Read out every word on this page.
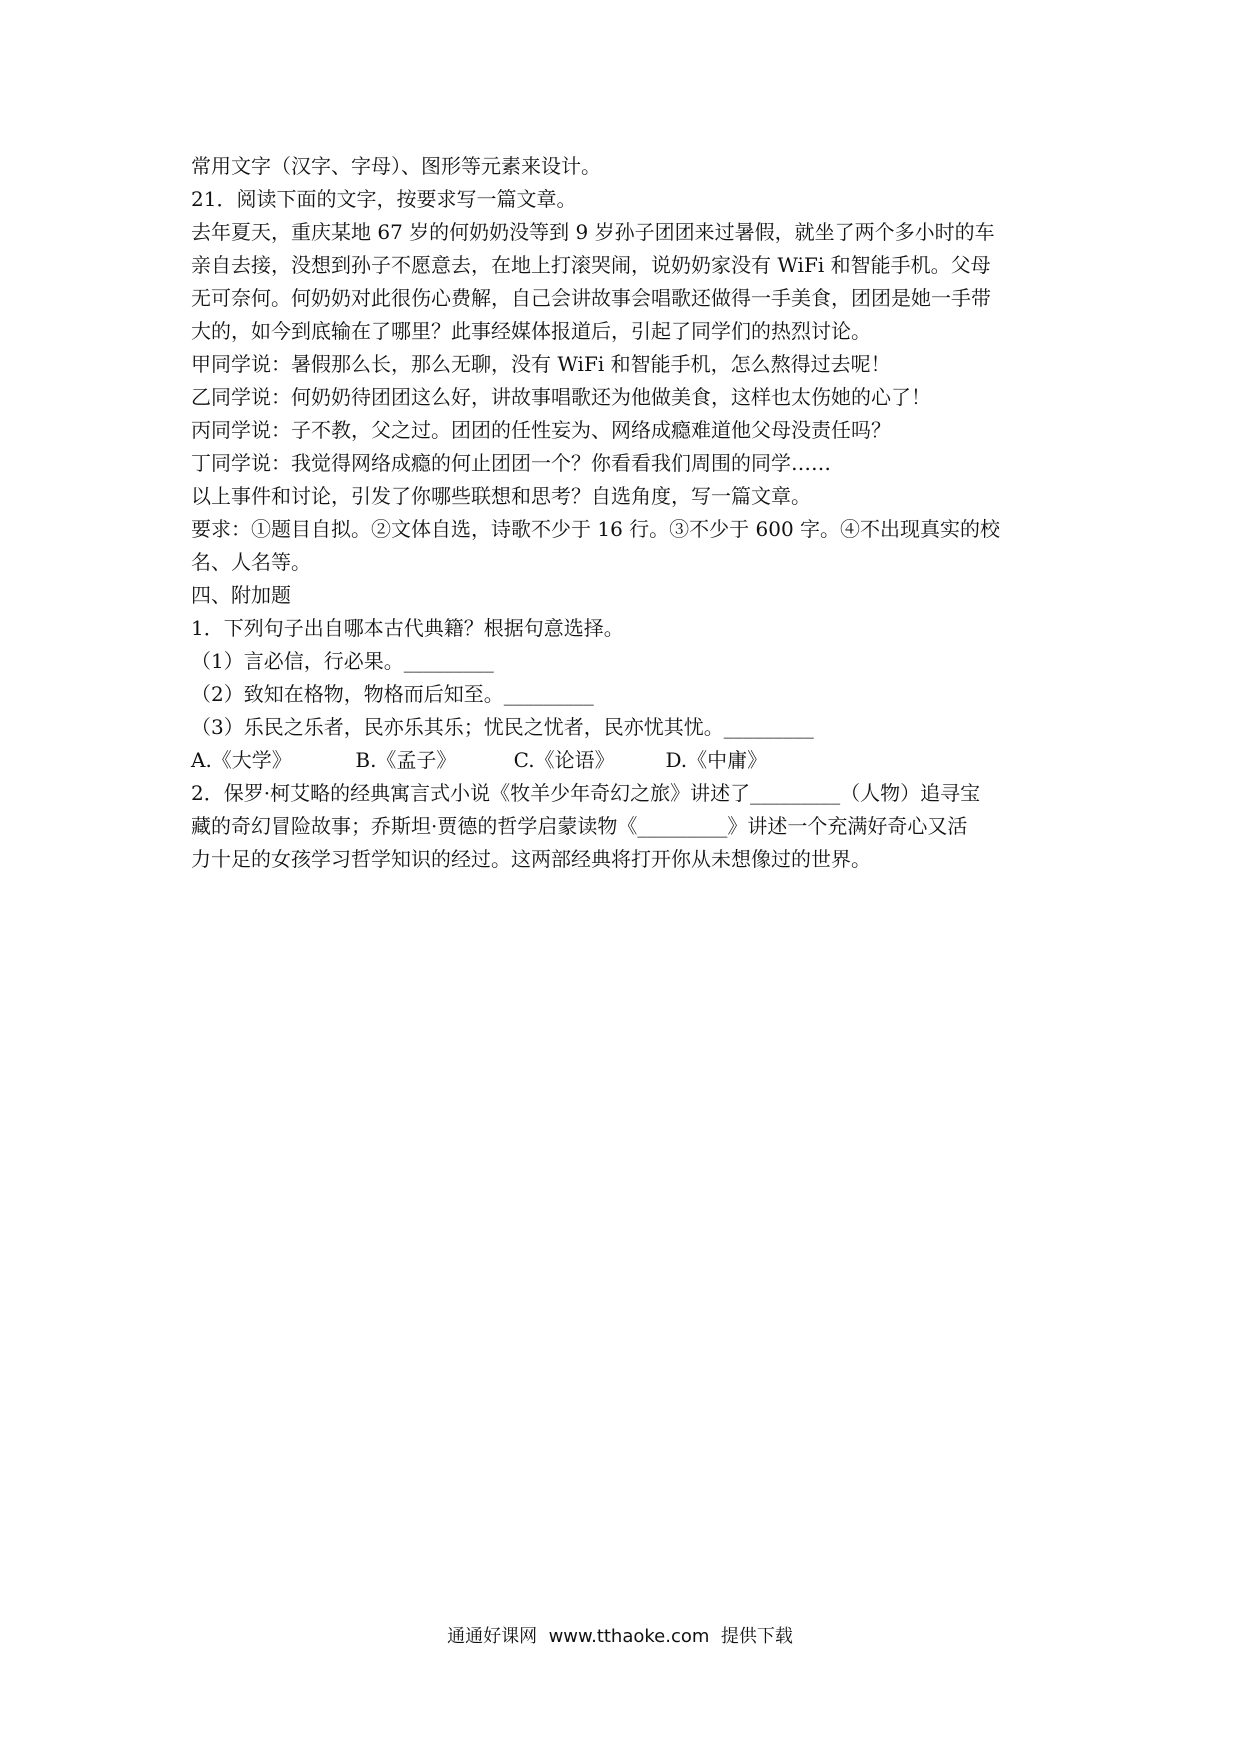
常用文字（汉字、字母）、图形等元素来设计。
21．阅读下面的文字，按要求写一篇文章。
去年夏天，重庆某地 67 岁的何奶奶没等到 9 岁孙子团团来过暑假，就坐了两个多小时的车
亲自去接，没想到孙子不愿意去，在地上打滚哭闹，说奶奶家没有 WiFi 和智能手机。父母
无可奈何。何奶奶对此很伤心费解，自己会讲故事会唱歌还做得一手美食，团团是她一手带
大的，如今到底输在了哪里？此事经媒体报道后，引起了同学们的热烈讨论。
甲同学说：暑假那么长，那么无聊，没有 WiFi 和智能手机，怎么熬得过去呢！
乙同学说：何奶奶待团团这么好，讲故事唱歌还为他做美食，这样也太伤她的心了！
丙同学说：子不教，父之过。团团的任性妄为、网络成瘾难道他父母没责任吗？
丁同学说：我觉得网络成瘾的何止团团一个？你看看我们周围的同学……
以上事件和讨论，引发了你哪些联想和思考？自选角度，写一篇文章。
要求：①题目自拟。②文体自选，诗歌不少于 16 行。③不少于 600 字。④不出现真实的校
名、人名等。
四、附加题
1．下列句子出自哪本古代典籍？根据句意选择。
（1）言必信，行必果。_________
（2）致知在格物，物格而后知至。_________
（3）乐民之乐者，民亦乐其乐；忧民之忧者，民亦忧其忧。_________
A.《大学》          B.《孟子》         C.《论语》        D.《中庸》
2．保罗·柯艾略的经典寓言式小说《牧羊少年奇幻之旅》讲述了_________（人物）追寻宝
藏的奇幻冒险故事；乔斯坦·贾德的哲学启蒙读物《_________》讲述一个充满好奇心又活
力十足的女孩学习哲学知识的经过。这两部经典将打开你从未想像过的世界。
通通好课网  www.tthaoke.com  提供下载
